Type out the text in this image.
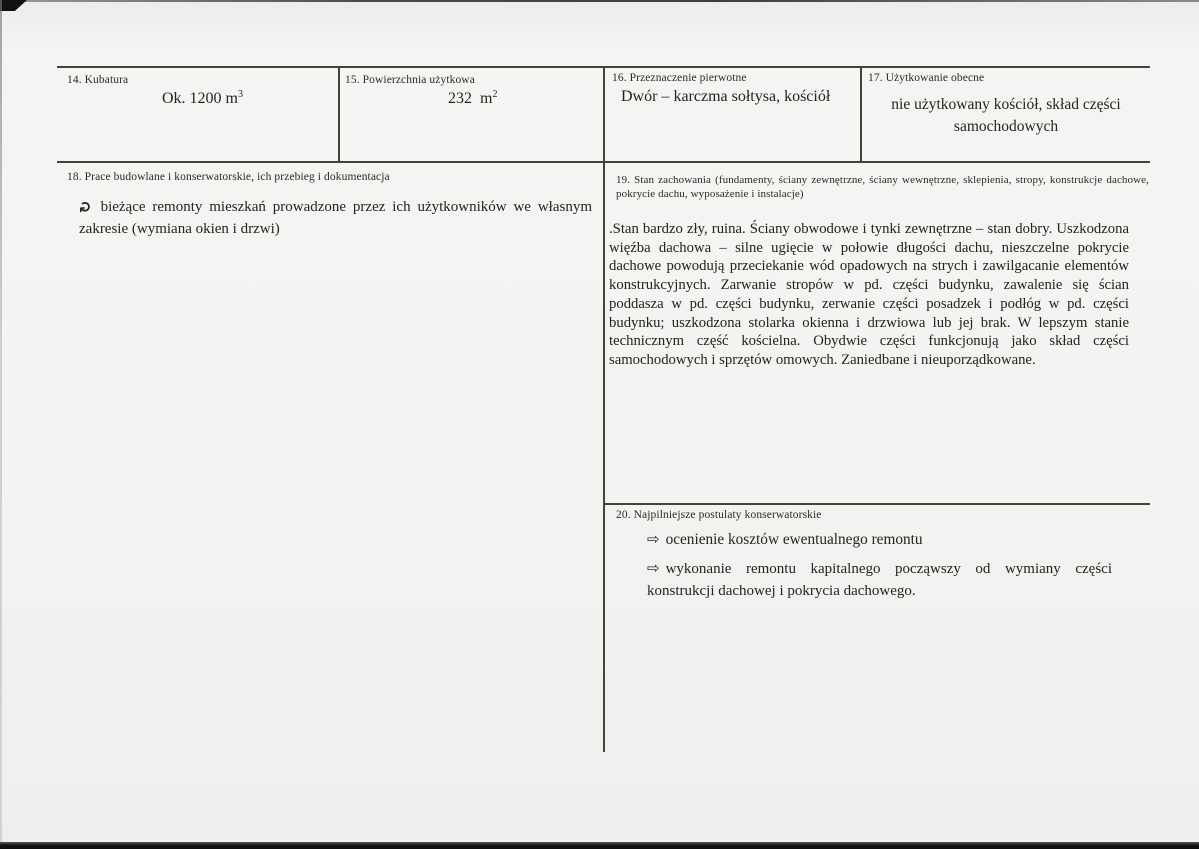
14. Kubatura
Ok. 1200 $m^3$
15. Powierzchnia użytkowa
232  $m^2$
16. Przeznaczenie pierwotne
Dwór – karczma sołtysa, kościół
17. Użytkowanie obecne
nie użytkowany kościół, skład części samochodowych
18. Prace budowlane i konserwatorskie, ich przebieg i dokumentacja
↻ bieżące remonty mieszkań prowadzone przez ich użytkowników we własnym zakresie (wymiana okien i drzwi)
19. Stan zachowania (fundamenty, ściany zewnętrzne, ściany wewnętrzne, sklepienia, stropy, konstrukcje dachowe, pokrycie dachu, wyposażenie i instalacje)
.Stan bardzo zły, ruina. Ściany obwodowe i tynki zewnętrzne – stan dobry. Uszkodzona więźba dachowa – silne ugięcie w połowie długości dachu, nieszczelne pokrycie dachowe powodują przeciekanie wód opadowych na strych i zawilgacanie elementów konstrukcyjnych. Zarwanie stropów w pd. części budynku, zawalenie się ścian poddasza w pd. części budynku, zerwanie części posadzek i podłóg w pd. części budynku; uszkodzona stolarka okienna i drzwiowa lub jej brak. W lepszym stanie technicznym część kościelna. Obydwie części funkcjonują jako skład części samochodowych i sprzętów omowych. Zaniedbane i nieuporządkowane.
20. Najpilniejsze postulaty konserwatorskie
⇨ ocenienie kosztów ewentualnego remontu
⇨ wykonanie remontu kapitalnego począwszy od wymiany części konstrukcji dachowej i pokrycia dachowego.
